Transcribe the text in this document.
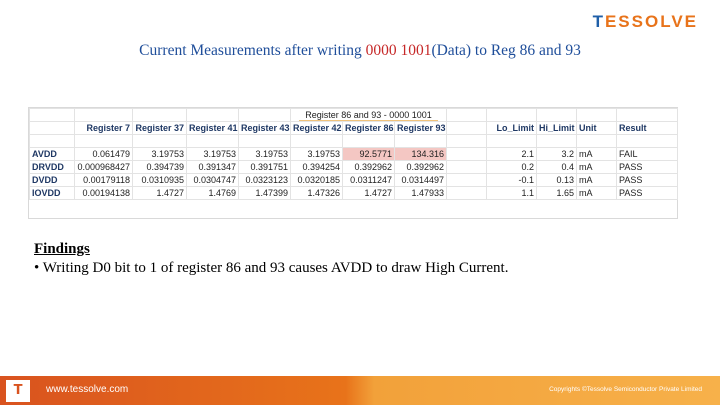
TESSOLVE
Current Measurements after writing 0000 1001(Data) to Reg 86 and 93
					Register 86 and 93 - 0000 1001							
	Register 7	Register 37	Register 41	Register 43	Register 42	Register 86	Register 93		Lo_Limit	Hi_Limit	Unit	Result

AVDD	0.061479	3.19753	3.19753	3.19753	3.19753	92.5771	134.316		2.1	3.2	mA	FAIL
DRVDD	0.000968427	0.394739	0.391347	0.391751	0.394254	0.392962	0.392962		0.2	0.4	mA	PASS
DVDD	0.00179118	0.0310935	0.0304747	0.0323123	0.0320185	0.0311247	0.0314497		-0.1	0.13	mA	PASS
IOVDD	0.00194138	1.4727	1.4769	1.47399	1.47326	1.4727	1.47933		1.1	1.65	mA	PASS
Findings
• Writing D0 bit to 1 of register 86 and 93 causes AVDD to draw High Current.
T	www.tessolve.com	Copyrights ©Tessolve Semiconductor Private Limited
